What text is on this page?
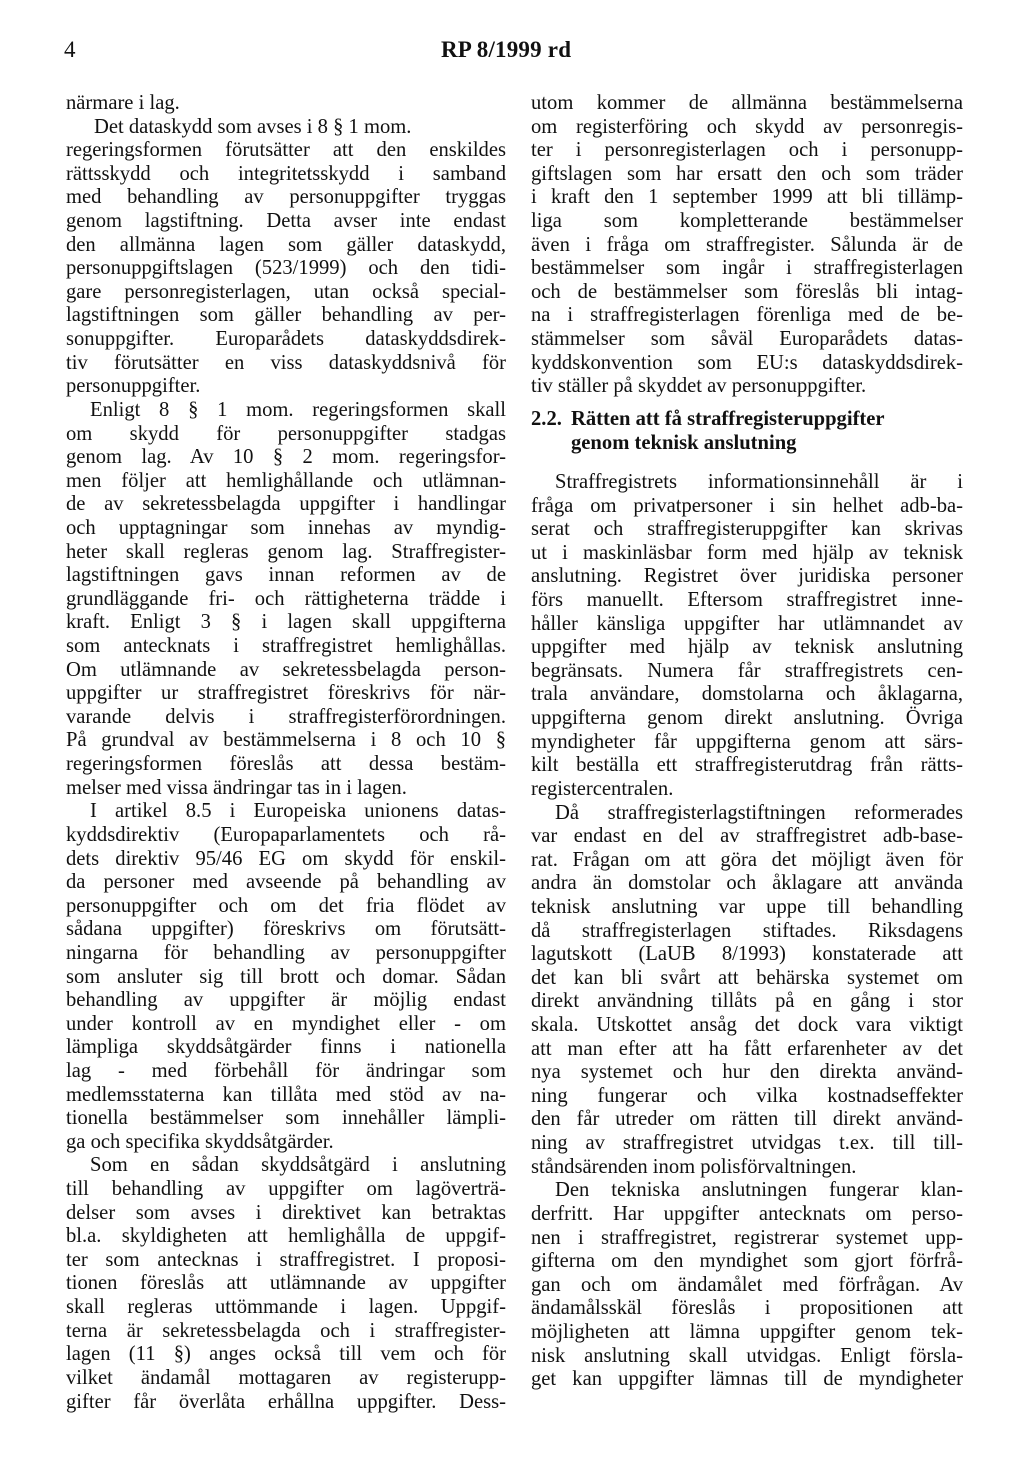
4	RP 8/1999 rd
närmare i lag.
Det dataskydd som avses i 8 § 1 mom.
regeringsformen förutsätter att den enskildes
rättsskydd och integritetsskydd i samband
med behandling av personuppgifter tryggas
genom lagstiftning. Detta avser inte endast
den allmänna lagen som gäller dataskydd,
personuppgiftslagen (523/1999) och den tidi-
gare personregisterlagen, utan också special-
lagstiftningen som gäller behandling av per-
sonuppgifter. Europarådets dataskyddsdirek-
tiv förutsätter en viss dataskyddsnivå för
personuppgifter.
Enligt 8 § 1 mom. regeringsformen skall
om skydd för personuppgifter stadgas
genom lag. Av 10 § 2 mom. regeringsfor-
men följer att hemlighållande och utlämnan-
de av sekretessbelagda uppgifter i handlingar
och upptagningar som innehas av myndig-
heter skall regleras genom lag. Straffregister-
lagstiftningen gavs innan reformen av de
grundläggande fri- och rättigheterna trädde i
kraft. Enligt 3 § i lagen skall uppgifterna
som antecknats i straffregistret hemlighållas.
Om utlämnande av sekretessbelagda person-
uppgifter ur straffregistret föreskrivs för när-
varande delvis i straffregisterförordningen.
På grundval av bestämmelserna i 8 och 10 §
regeringsformen föreslås att dessa bestäm-
melser med vissa ändringar tas in i lagen.
I artikel 8.5 i Europeiska unionens datas-
kyddsdirektiv (Europaparlamentets och rå-
dets direktiv 95/46 EG om skydd för enskil-
da personer med avseende på behandling av
personuppgifter och om det fria flödet av
sådana uppgifter) föreskrivs om förutsätt-
ningarna för behandling av personuppgifter
som ansluter sig till brott och domar. Sådan
behandling av uppgifter är möjlig endast
under kontroll av en myndighet eller - om
lämpliga skyddsåtgärder finns i nationella
lag - med förbehåll för ändringar som
medlemsstaterna kan tillåta med stöd av na-
tionella bestämmelser som innehåller lämpli-
ga och specifika skyddsåtgärder.
Som en sådan skyddsåtgärd i anslutning
till behandling av uppgifter om lagöverträ-
delser som avses i direktivet kan betraktas
bl.a. skyldigheten att hemlighålla de uppgif-
ter som antecknas i straffregistret. I proposi-
tionen föreslås att utlämnande av uppgifter
skall regleras uttömmande i lagen. Uppgif-
terna är sekretessbelagda och i straffregister-
lagen (11 §) anges också till vem och för
vilket ändamål mottagaren av registerupp-
gifter får överlåta erhållna uppgifter. Dess-
utom kommer de allmänna bestämmelserna
om registerföring och skydd av personregis-
ter i personregisterlagen och i personupp-
giftslagen som har ersatt den och som träder
i kraft den 1 september 1999 att bli tillämp-
liga som kompletterande bestämmelser
även i fråga om straffregister. Sålunda är de
bestämmelser som ingår i straffregisterlagen
och de bestämmelser som föreslås bli intag-
na i straffregisterlagen förenliga med de be-
stämmelser som såväl Europarådets datas-
kyddskonvention som EU:s dataskyddsdirek-
tiv ställer på skyddet av personuppgifter.
2.2. Rätten att få straffregisteruppgifter
genom teknisk anslutning
Straffregistrets informationsinnehåll är i
fråga om privatpersoner i sin helhet adb-ba-
serat och straffregisteruppgifter kan skrivas
ut i maskinläsbar form med hjälp av teknisk
anslutning. Registret över juridiska personer
förs manuellt. Eftersom straffregistret inne-
håller känsliga uppgifter har utlämnandet av
uppgifter med hjälp av teknisk anslutning
begränsats. Numera får straffregistrets cen-
trala användare, domstolarna och åklagarna,
uppgifterna genom direkt anslutning. Övriga
myndigheter får uppgifterna genom att särs-
kilt beställa ett straffregisterutdrag från rätts-
registercentralen.
Då straffregisterlagstiftningen reformerades
var endast en del av straffregistret adb-base-
rat. Frågan om att göra det möjligt även för
andra än domstolar och åklagare att använda
teknisk anslutning var uppe till behandling
då straffregisterlagen stiftades. Riksdagens
lagutskott (LaUB 8/1993) konstaterade att
det kan bli svårt att behärska systemet om
direkt användning tillåts på en gång i stor
skala. Utskottet ansåg det dock vara viktigt
att man efter att ha fått erfarenheter av det
nya systemet och hur den direkta använd-
ning fungerar och vilka kostnadseffekter
den får utreder om rätten till direkt använd-
ning av straffregistret utvidgas t.ex. till till-
ståndsärenden inom polisförvaltningen.
Den tekniska anslutningen fungerar klan-
derfritt. Har uppgifter antecknats om perso-
nen i straffregistret, registrerar systemet upp-
gifterna om den myndighet som gjort förfrå-
gan och om ändamålet med förfrågan. Av
ändamålsskäl föreslås i propositionen att
möjligheten att lämna uppgifter genom tek-
nisk anslutning skall utvidgas. Enligt försla-
get kan uppgifter lämnas till de myndigheter
